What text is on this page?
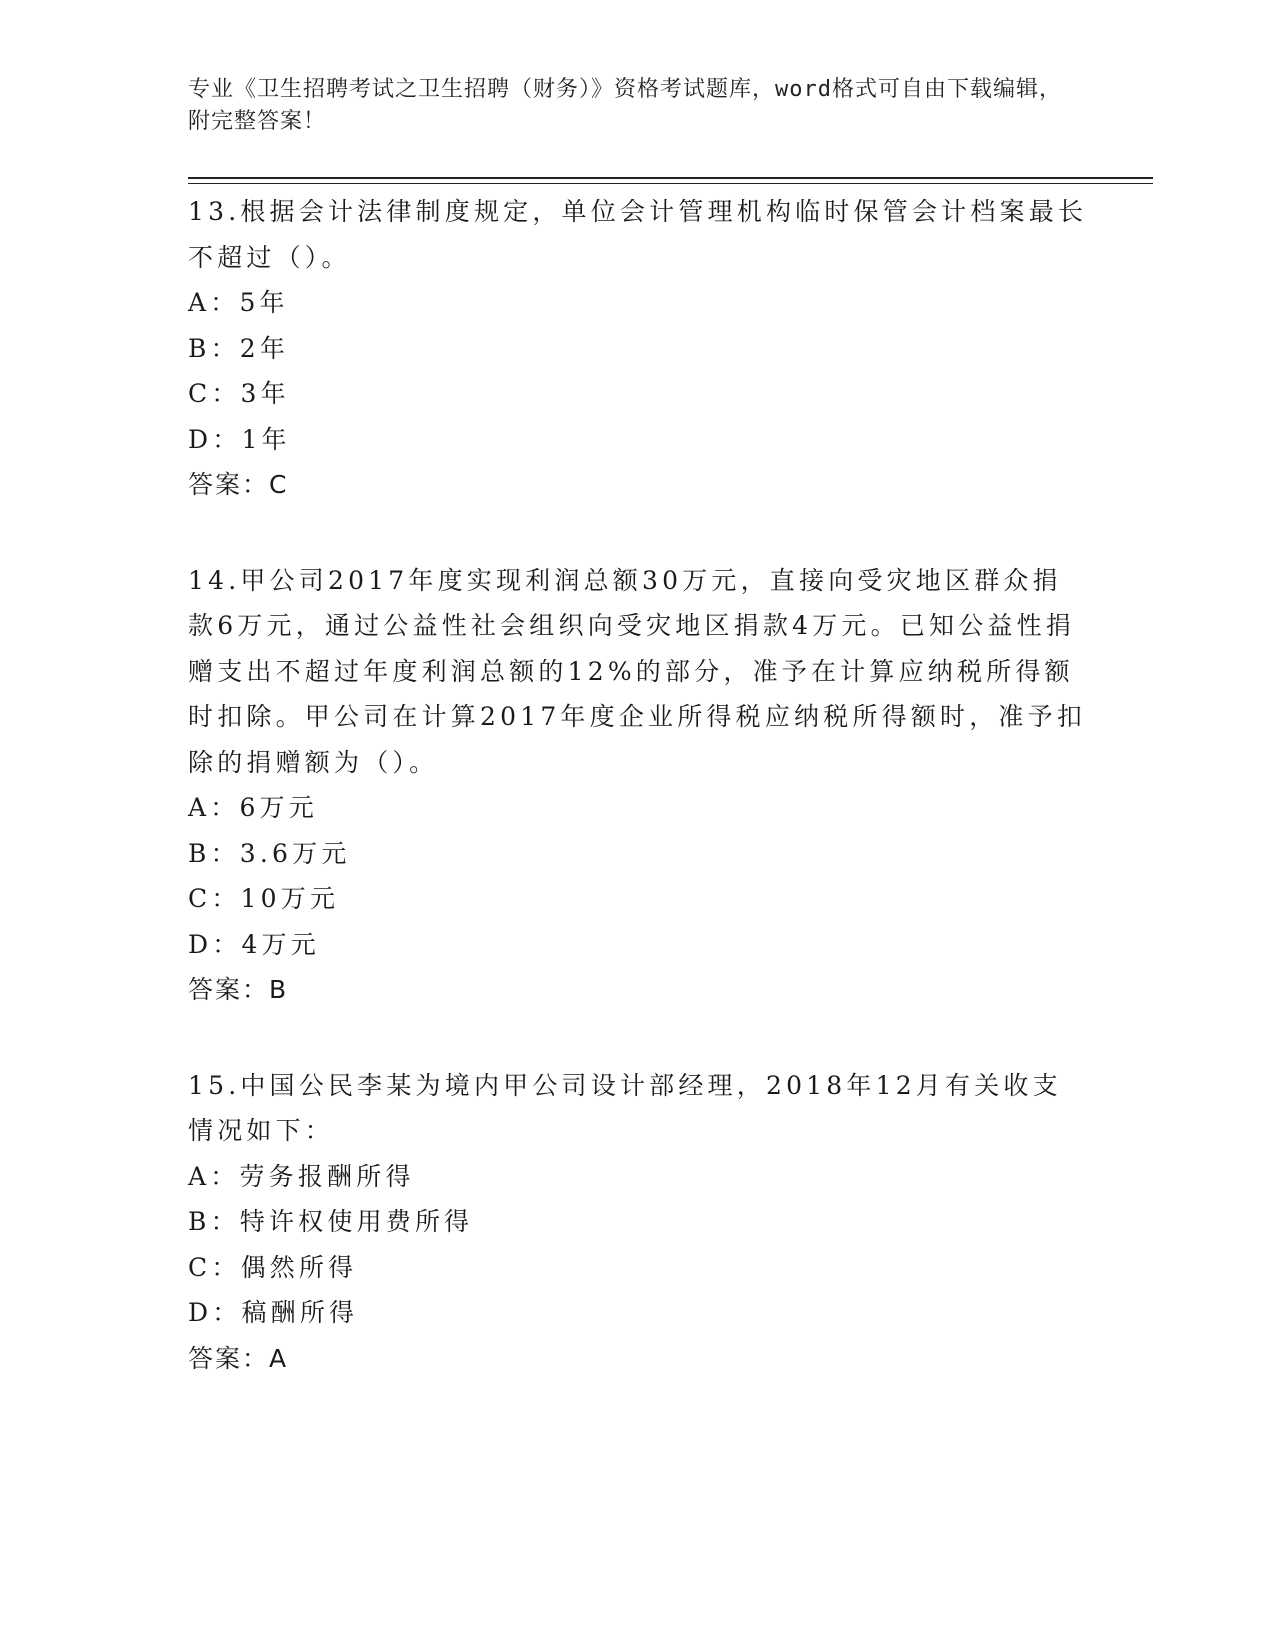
专业《卫生招聘考试之卫生招聘（财务）》资格考试题库，word格式可自由下载编辑，附完整答案！

13.根据会计法律制度规定，单位会计管理机构临时保管会计档案最长不超过（）。

A：5年

B：2年

C：3年

D：1年

答案：C

14.甲公司2017年度实现利润总额30万元，直接向受灾地区群众捐款6万元，通过公益性社会组织向受灾地区捐款4万元。已知公益性捐赠支出不超过年度利润总额的12%的部分，准予在计算应纳税所得额时扣除。甲公司在计算2017年度企业所得税应纳税所得额时，准予扣除的捐赠额为（）。

A：6万元

B：3.6万元

C：10万元

D：4万元

答案：B

15.中国公民李某为境内甲公司设计部经理，2018年12月有关收支情况如下：

A：劳务报酬所得

B：特许权使用费所得

C：偶然所得

D：稿酬所得

答案：A
